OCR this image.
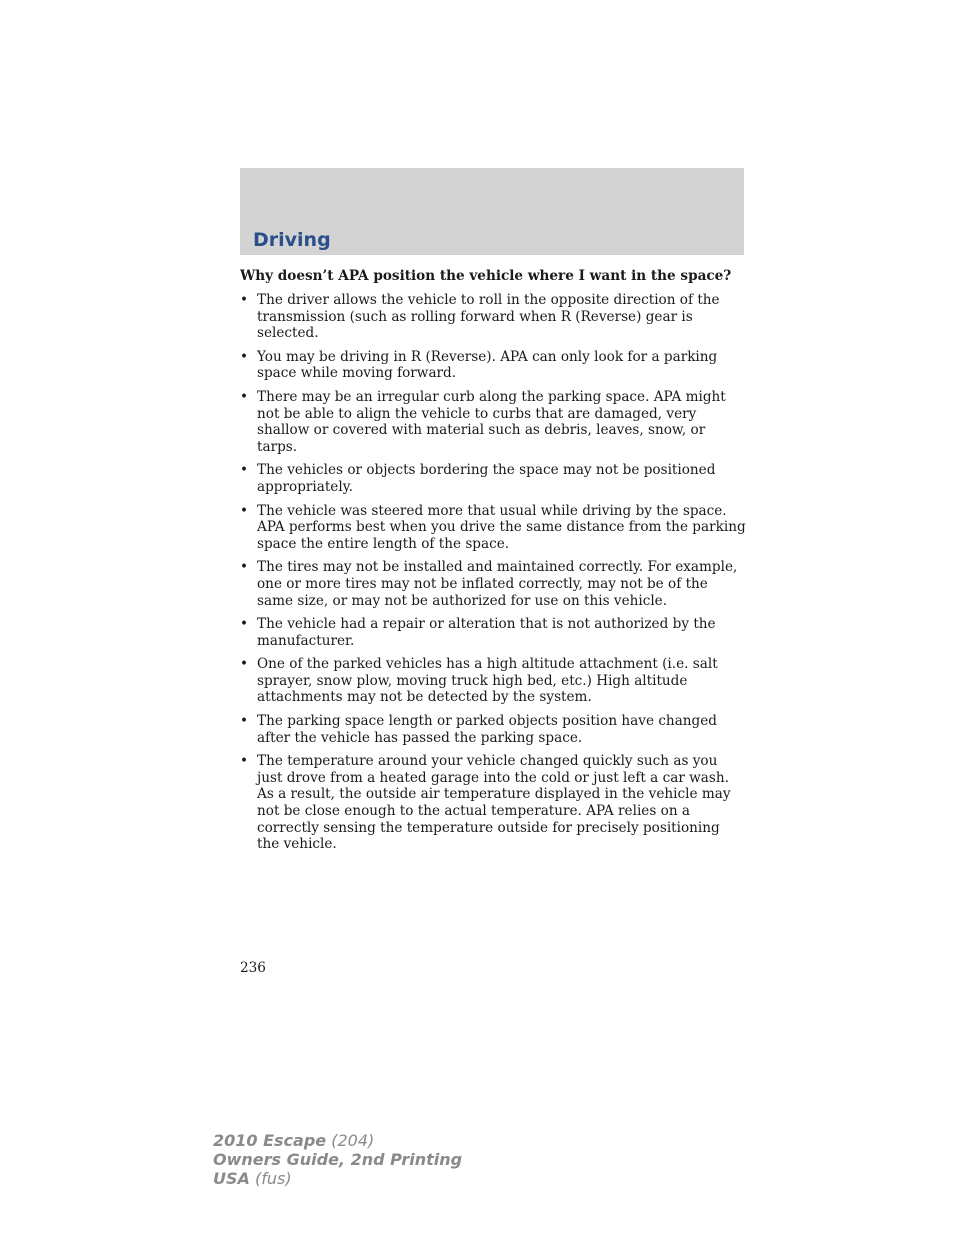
Driving

Why doesn’t APA position the vehicle where I want in the space?

• The driver allows the vehicle to roll in the opposite direction of the transmission (such as rolling forward when R (Reverse) gear is selected.
• You may be driving in R (Reverse). APA can only look for a parking space while moving forward.
• There may be an irregular curb along the parking space. APA might not be able to align the vehicle to curbs that are damaged, very shallow or covered with material such as debris, leaves, snow, or tarps.
• The vehicles or objects bordering the space may not be positioned appropriately.
• The vehicle was steered more that usual while driving by the space. APA performs best when you drive the same distance from the parking space the entire length of the space.
• The tires may not be installed and maintained correctly. For example, one or more tires may not be inflated correctly, may not be of the same size, or may not be authorized for use on this vehicle.
• The vehicle had a repair or alteration that is not authorized by the manufacturer.
• One of the parked vehicles has a high altitude attachment (i.e. salt sprayer, snow plow, moving truck high bed, etc.) High altitude attachments may not be detected by the system.
• The parking space length or parked objects position have changed after the vehicle has passed the parking space.
• The temperature around your vehicle changed quickly such as you just drove from a heated garage into the cold or just left a car wash. As a result, the outside air temperature displayed in the vehicle may not be close enough to the actual temperature. APA relies on a correctly sensing the temperature outside for precisely positioning the vehicle.
236
2010 Escape (204)
Owners Guide, 2nd Printing
USA (fus)
